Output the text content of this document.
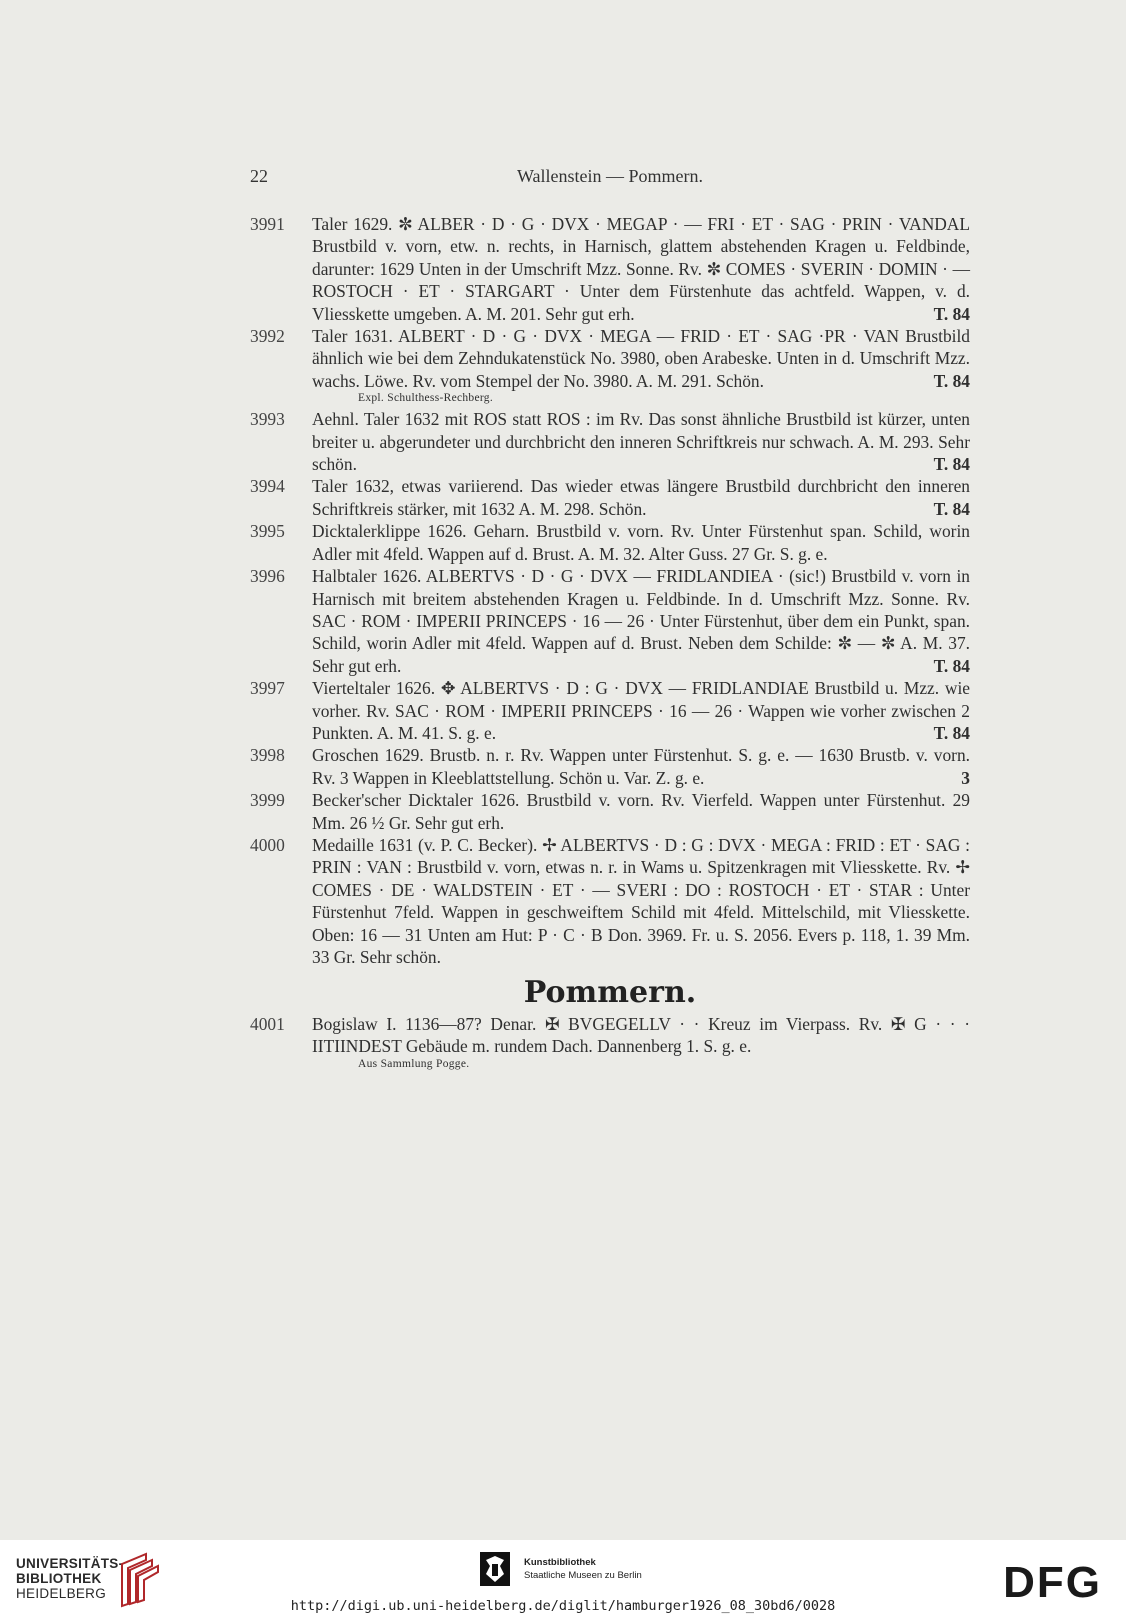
22	Wallenstein — Pommern.
3991 Taler 1629. ✼ ALBER · D · G · DVX · MEGAP · — FRI · ET · SAG · PRIN · VANDAL Brustbild v. vorn, etw. n. rechts, in Harnisch, glattem abstehenden Kragen u. Feldbinde, darunter: 1629 Unten in der Umschrift Mzz. Sonne. Rv. ✼ COMES · SVERIN · DOMIN · — ROSTOCH · ET · STARGART · Unter dem Fürstenhute das achtfeld. Wappen, v. d. Vliesskette umgeben. A. M. 201. Sehr gut erh.	T. 84
3992 Taler 1631. ALBERT · D · G · DVX · MEGA — FRID · ET · SAG ·PR · VAN Brustbild ähnlich wie bei dem Zehndukatenstück No. 3980, oben Arabeske. Unten in d. Umschrift Mzz. wachs. Löwe. Rv. vom Stempel der No. 3980. A. M. 291. Schön.	T. 84
Expl. Schulthess-Rechberg.
3993 Aehnl. Taler 1632 mit ROS statt ROS : im Rv. Das sonst ähnliche Brustbild ist kürzer, unten breiter u. abgerundeter und durchbricht den inneren Schriftkreis nur schwach. A. M. 293. Sehr schön.	T. 84
3994 Taler 1632, etwas variierend. Das wieder etwas längere Brustbild durchbricht den inneren Schriftkreis stärker, mit 1632 A. M. 298. Schön.	T. 84
3995 Dicktalerklippe 1626. Geharn. Brustbild v. vorn. Rv. Unter Fürstenhut span. Schild, worin Adler mit 4feld. Wappen auf d. Brust. A. M. 32. Alter Guss. 27 Gr. S. g. e.
3996 Halbtaler 1626. ALBERTVS · D · G · DVX — FRIDLANDIEA · (sic!) Brustbild v. vorn in Harnisch mit breitem abstehenden Kragen u. Feldbinde. In d. Umschrift Mzz. Sonne. Rv. SAC · ROM · IMPERII PRINCEPS · 16 — 26 · Unter Fürstenhut, über dem ein Punkt, span. Schild, worin Adler mit 4feld. Wappen auf d. Brust. Neben dem Schilde: ✼ — ✼ A. M. 37. Sehr gut erh.	T. 84
3997 Vierteltaler 1626. ✥ ALBERTVS · D : G · DVX — FRIDLANDIAE Brustbild u. Mzz. wie vorher. Rv. SAC · ROM · IMPERII PRINCEPS · 16 — 26 · Wappen wie vorher zwischen 2 Punkten. A. M. 41. S. g. e.	T. 84
3998 Groschen 1629. Brustb. n. r. Rv. Wappen unter Fürstenhut. S. g. e. — 1630 Brustb. v. vorn. Rv. 3 Wappen in Kleeblattstellung. Schön u. Var. Z. g. e.	3
3999 Becker'scher Dicktaler 1626. Brustbild v. vorn. Rv. Vierfeld. Wappen unter Fürstenhut. 29 Mm. 26 ½ Gr. Sehr gut erh.
4000 Medaille 1631 (v. P. C. Becker). ✢ ALBERTVS · D : G : DVX · MEGA : FRID : ET · SAG : PRIN : VAN : Brustbild v. vorn, etwas n. r. in Wams u. Spitzenkragen mit Vliesskette. Rv. ✢ COMES · DE · WALDSTEIN · ET · — SVERI : DO : ROSTOCH · ET · STAR : Unter Fürstenhut 7feld. Wappen in geschweiftem Schild mit 4feld. Mittelschild, mit Vliesskette. Oben: 16 — 31 Unten am Hut: P · C · B Don. 3969. Fr. u. S. 2056. Evers p. 118, 1. 39 Mm. 33 Gr. Sehr schön.
Pommern.
4001 Bogislaw I. 1136—87? Denar. ✠ BVGEGELLV · · Kreuz im Vierpass. Rv. ✠ G · · · IITIINDEST Gebäude m. rundem Dach. Dannenberg 1. S. g. e.
Aus Sammlung Pogge.
UNIVERSITÄTS-
BIBLIOTHEK
HEIDELBERG
Kunstbibliothek
Staatliche Museen zu Berlin	DFG
http://digi.ub.uni-heidelberg.de/diglit/hamburger1926_08_30bd6/0028
